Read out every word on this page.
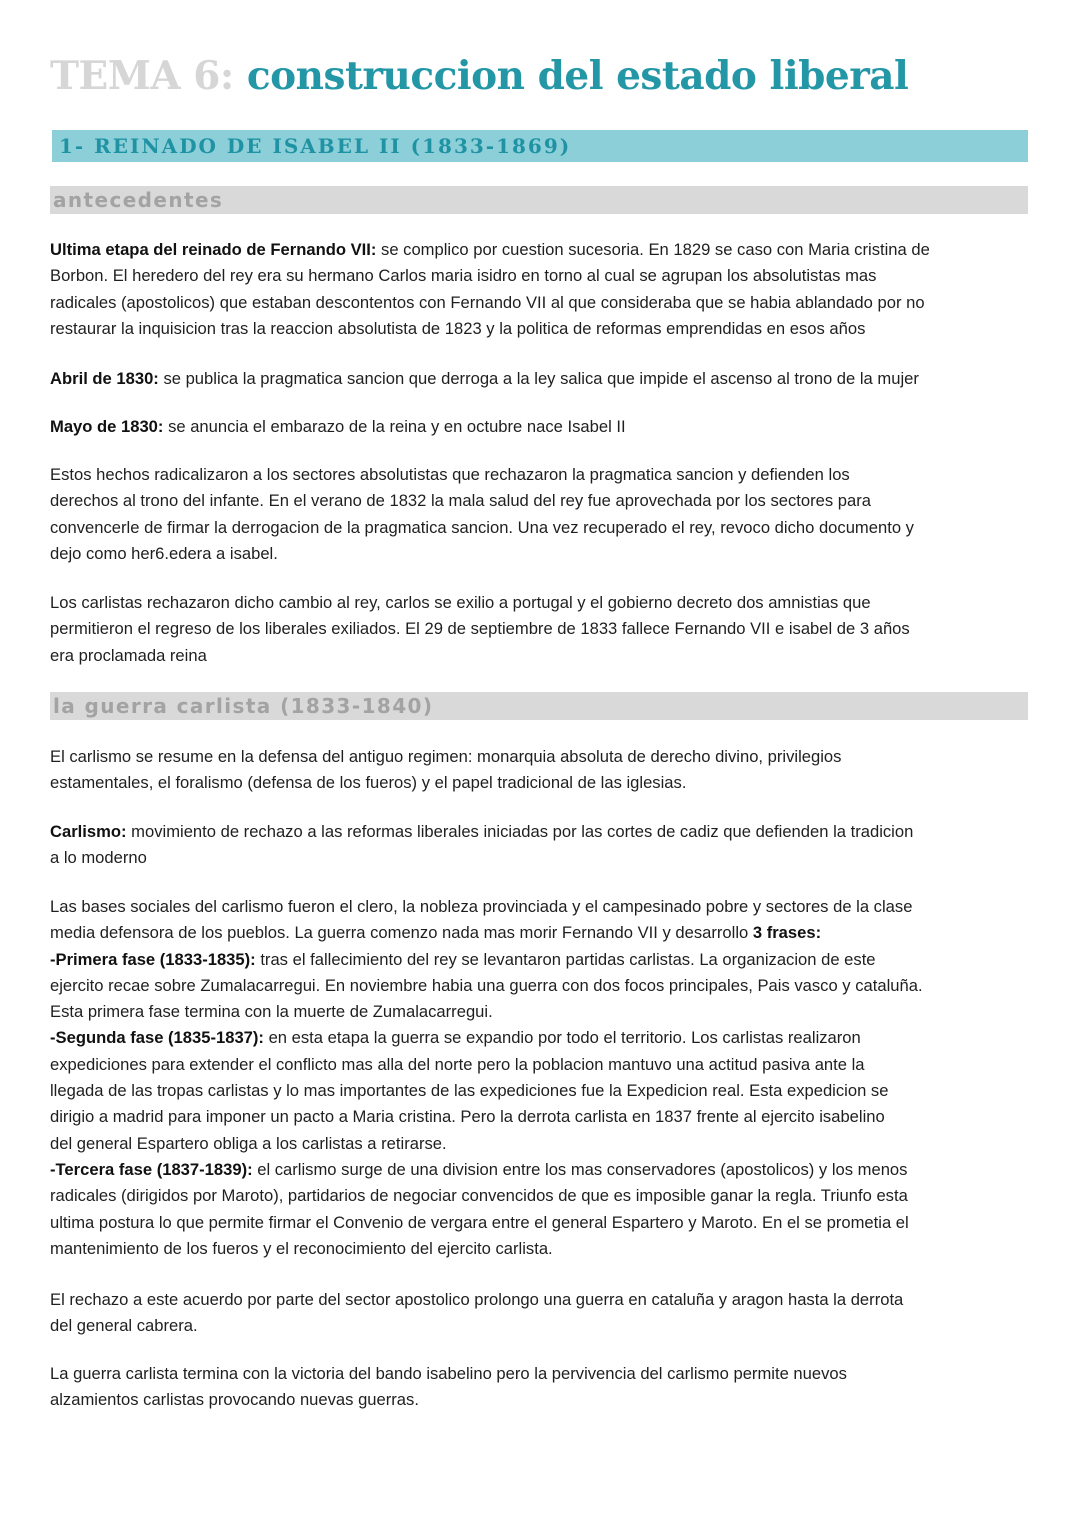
TEMA 6: construccion del estado liberal
1- REINADO DE ISABEL II (1833-1869)
antecedentes

Ultima etapa del reinado de Fernando VII: se complico por cuestion sucesoria. En 1829 se caso con Maria cristina de
Borbon. El heredero del rey era su hermano Carlos maria isidro en torno al cual se agrupan los absolutistas mas
radicales (apostolicos) que estaban descontentos con Fernando VII al que consideraba que se habia ablandado por no
restaurar la inquisicion tras la reaccion absolutista de 1823 y la politica de reformas emprendidas en esos años

Abril de 1830: se publica la pragmatica sancion que derroga a la ley salica que impide el ascenso al trono de la mujer

Mayo de 1830: se anuncia el embarazo de la reina y en octubre nace Isabel II

Estos hechos radicalizaron a los sectores absolutistas que rechazaron la pragmatica sancion y defienden los
derechos al trono del infante. En el verano de 1832 la mala salud del rey fue aprovechada por los sectores para
convencerle de firmar la derrogacion de la pragmatica sancion. Una vez recuperado el rey, revoco dicho documento y
dejo como her6.edera a isabel.

Los carlistas rechazaron dicho cambio al rey, carlos se exilio a portugal y el gobierno decreto dos amnistias que
permitieron el regreso de los liberales exiliados. El 29 de septiembre de 1833 fallece Fernando VII e isabel de 3 años
era proclamada reina

la guerra carlista (1833-1840)

El carlismo se resume en la defensa del antiguo regimen: monarquia absoluta de derecho divino, privilegios
estamentales, el foralismo (defensa de los fueros) y el papel tradicional de las iglesias.

Carlismo: movimiento de rechazo a las reformas liberales iniciadas por las cortes de cadiz que defienden la tradicion
a lo moderno

Las bases sociales del carlismo fueron el clero, la nobleza provinciada y el campesinado pobre y sectores de la clase
media defensora de los pueblos. La guerra comenzo nada mas morir Fernando VII y desarrollo 3 frases:
-Primera fase (1833-1835): tras el fallecimiento del rey se levantaron partidas carlistas. La organizacion de este
ejercito recae sobre Zumalacarregui. En noviembre habia una guerra con dos focos principales, Pais vasco y cataluña.
Esta primera fase termina con la muerte de Zumalacarregui.
-Segunda fase (1835-1837): en esta etapa la guerra se expandio por todo el territorio. Los carlistas realizaron
expediciones para extender el conflicto mas alla del norte pero la poblacion mantuvo una actitud pasiva ante la
llegada de las tropas carlistas y lo mas importantes de las expediciones fue la Expedicion real. Esta expedicion se
dirigio a madrid para imponer un pacto a Maria cristina. Pero la derrota carlista en 1837 frente al ejercito isabelino
del general Espartero obliga a los carlistas a retirarse.
-Tercera fase (1837-1839): el carlismo surge de una division entre los mas conservadores (apostolicos) y los menos
radicales (dirigidos por Maroto), partidarios de negociar convencidos de que es imposible ganar la regla. Triunfo esta
ultima postura lo que permite firmar el Convenio de vergara entre el general Espartero y Maroto. En el se prometia el
mantenimiento de los fueros y el reconocimiento del ejercito carlista.

El rechazo a este acuerdo por parte del sector apostolico prolongo una guerra en cataluña y aragon hasta la derrota
del general cabrera.

La guerra carlista termina con la victoria del bando isabelino pero la pervivencia del carlismo permite nuevos
alzamientos carlistas provocando nuevas guerras.
